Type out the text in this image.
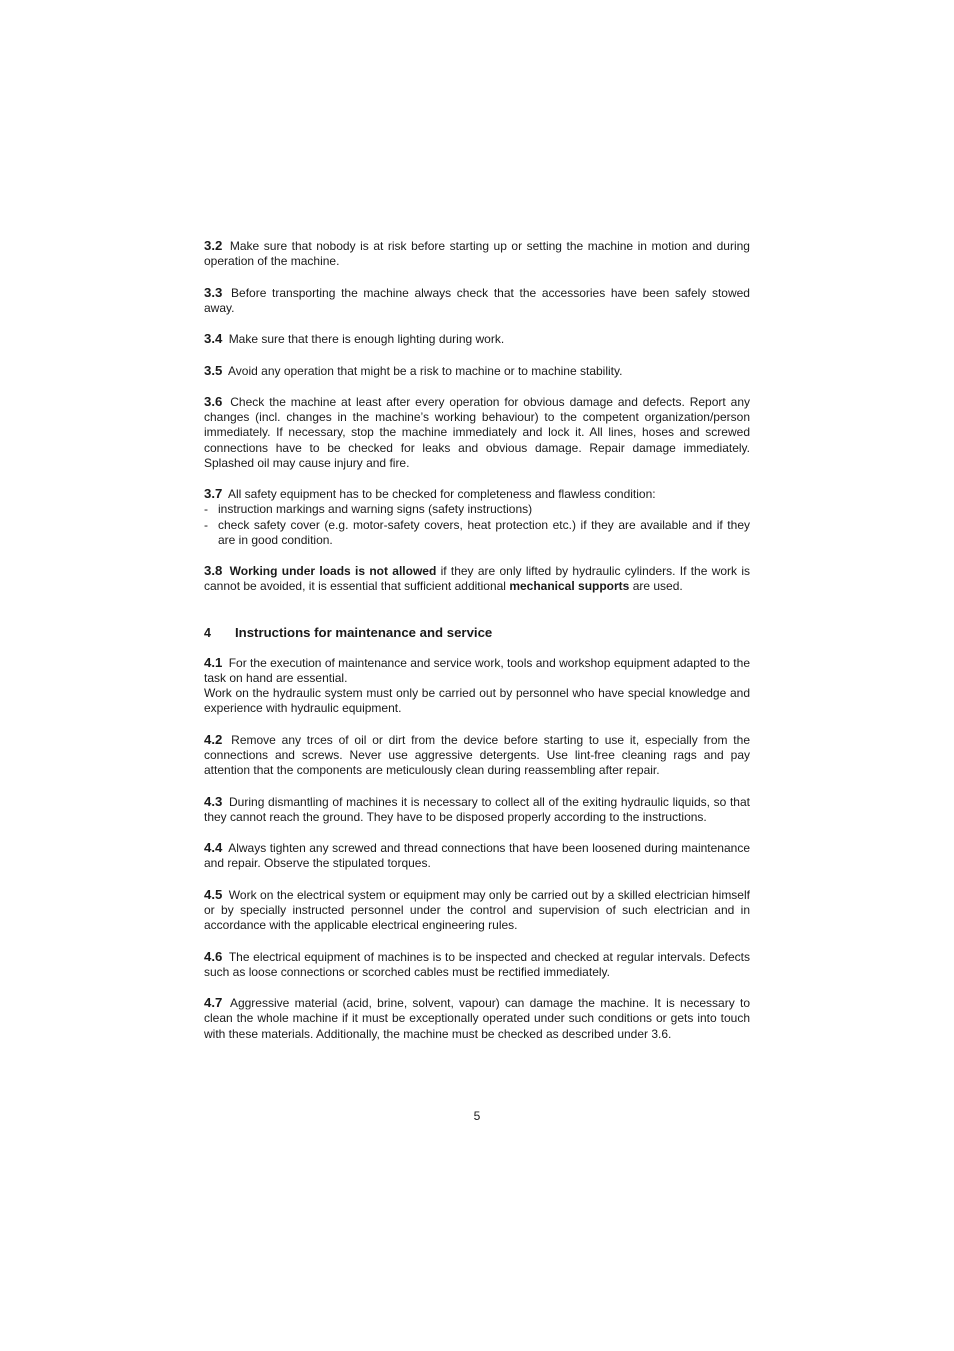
3.2 Make sure that nobody is at risk before starting up or setting the machine in motion and during operation of the machine.

3.3 Before transporting the machine always check that the accessories have been safely stowed away.

3.4 Make sure that there is enough lighting during work.

3.5 Avoid any operation that might be a risk to machine or to machine stability.

3.6 Check the machine at least after every operation for obvious damage and defects. Report any changes (incl. changes in the machine’s working behaviour) to the competent organization/person immediately. If necessary, stop the machine immediately and lock it. All lines, hoses and screwed connections have to be checked for leaks and obvious damage. Repair damage immediately. Splashed oil may cause injury and fire.

3.7 All safety equipment has to be checked for completeness and flawless condition:

- instruction markings and warning signs (safety instructions)
- check safety cover (e.g. motor-safety covers, heat protection etc.) if they are available and if they are in good condition.

3.8 Working under loads is not allowed if they are only lifted by hydraulic cylinders. If the work is cannot be avoided, it is essential that sufficient additional mechanical supports are used.

4 Instructions for maintenance and service

4.1 For the execution of maintenance and service work, tools and workshop equipment adapted to the task on hand are essential.
Work on the hydraulic system must only be carried out by personnel who have special knowledge and experience with hydraulic equipment.

4.2 Remove any trces of oil or dirt from the device before starting to use it, especially from the connections and screws. Never use aggressive detergents. Use lint-free cleaning rags and pay attention that the components are meticulously clean during reassembling after repair.

4.3 During dismantling of machines it is necessary to collect all of the exiting hydraulic liquids, so that they cannot reach the ground. They have to be disposed properly according to the instructions.

4.4 Always tighten any screwed and thread connections that have been loosened during maintenance and repair. Observe the stipulated torques.

4.5 Work on the electrical system or equipment may only be carried out by a skilled electrician himself or by specially instructed personnel under the control and supervision of such electrician and in accordance with the applicable electrical engineering rules.

4.6 The electrical equipment of machines is to be inspected and checked at regular intervals. Defects such as loose connections or scorched cables must be rectified immediately.

4.7 Aggressive material (acid, brine, solvent, vapour) can damage the machine. It is necessary to clean the whole machine if it must be exceptionally operated under such conditions or gets into touch with these materials. Additionally, the machine must be checked as described under 3.6.

5
